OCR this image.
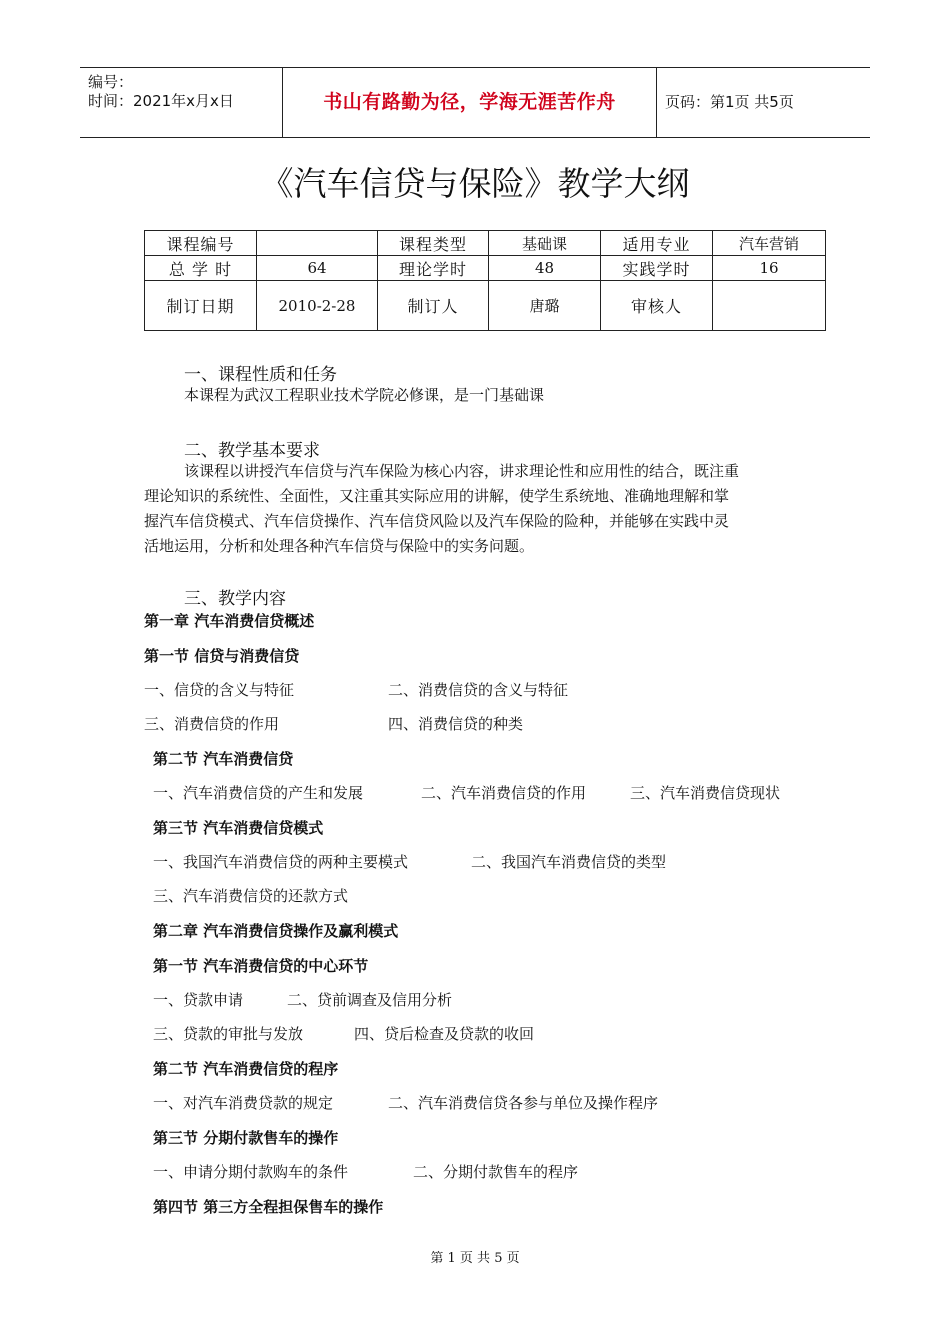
编号：
时间：2021年x月x日	书山有路勤为径，学海无涯苦作舟	页码：第1页 共5页
《汽车信贷与保险》教学大纲
课程编号		课程类型	基础课	适用专业	汽车营销
总 学 时	64	理论学时	48	实践学时	16
制订日期	2010-2-28	制订人	唐璐	审核人	
一、课程性质和任务
本课程为武汉工程职业技术学院必修课，是一门基础课
二、教学基本要求
该课程以讲授汽车信贷与汽车保险为核心内容，讲求理论性和应用性的结合，既注重
理论知识的系统性、全面性，又注重其实际应用的讲解，使学生系统地、准确地理解和掌
握汽车信贷模式、汽车信贷操作、汽车信贷风险以及汽车保险的险种，并能够在实践中灵
活地运用，分析和处理各种汽车信贷与保险中的实务问题。
三、教学内容
第一章 汽车消费信贷概述
第一节 信贷与消费信贷
一、信贷的含义与特征	二、消费信贷的含义与特征
三、消费信贷的作用	四、消费信贷的种类
第二节 汽车消费信贷
一、汽车消费信贷的产生和发展	二、汽车消费信贷的作用	三、汽车消费信贷现状
第三节 汽车消费信贷模式
一、我国汽车消费信贷的两种主要模式	二、我国汽车消费信贷的类型
三、汽车消费信贷的还款方式
第二章 汽车消费信贷操作及赢利模式
第一节 汽车消费信贷的中心环节
一、贷款申请	二、贷前调查及信用分析
三、贷款的审批与发放	四、贷后检查及贷款的收回
第二节 汽车消费信贷的程序
一、对汽车消费贷款的规定	二、汽车消费信贷各参与单位及操作程序
第三节 分期付款售车的操作
一、申请分期付款购车的条件	二、分期付款售车的程序
第四节 第三方全程担保售车的操作
第 1 页 共 5 页
